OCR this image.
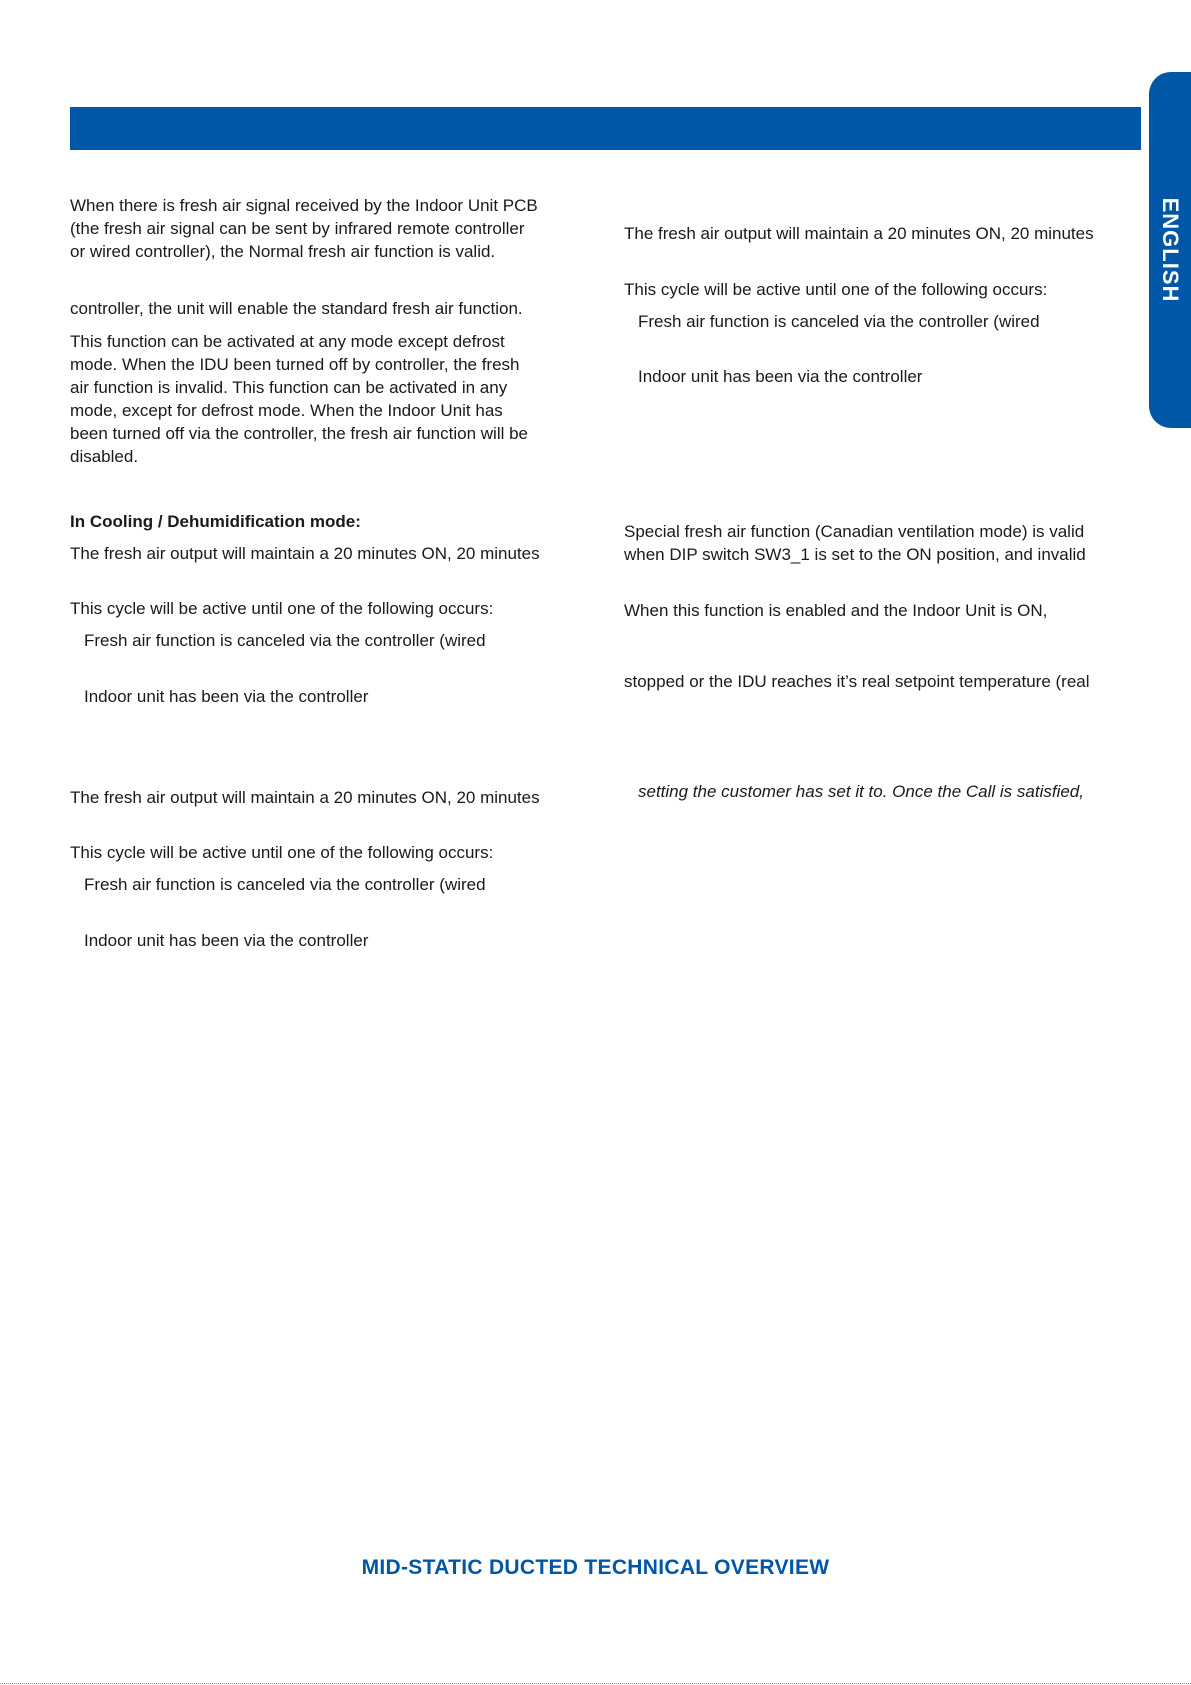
ENGLISH

When there is fresh air signal received by the Indoor Unit PCB

(the fresh air signal can be sent by infrared remote controller

or wired controller), the Normal fresh air function is valid.

controller, the unit will enable the standard fresh air function.

This function can be activated at any mode except defrost

mode. When the IDU been turned off by controller, the fresh

air function is invalid. This function can be activated in any

mode, except for defrost mode. When the Indoor Unit has

been turned off via the controller, the fresh air function will be

disabled.

In Cooling / Dehumidification mode:

The fresh air output will maintain a 20 minutes ON, 20 minutes

This cycle will be active until one of the following occurs:

Fresh air function is canceled via the controller (wired

Indoor unit has been via the controller

The fresh air output will maintain a 20 minutes ON, 20 minutes

This cycle will be active until one of the following occurs:

Fresh air function is canceled via the controller (wired

Indoor unit has been via the controller

The fresh air output will maintain a 20 minutes ON, 20 minutes

This cycle will be active until one of the following occurs:

Fresh air function is canceled via the controller (wired

Indoor unit has been via the controller

Special fresh air function (Canadian ventilation mode) is valid

when DIP switch SW3_1 is set to the ON position, and invalid

When this function is enabled and the Indoor Unit is ON,

stopped or the IDU reaches it’s real setpoint temperature (real

setting the customer has set it to. Once the Call is satisfied,

MID-STATIC DUCTED TECHNICAL OVERVIEW
